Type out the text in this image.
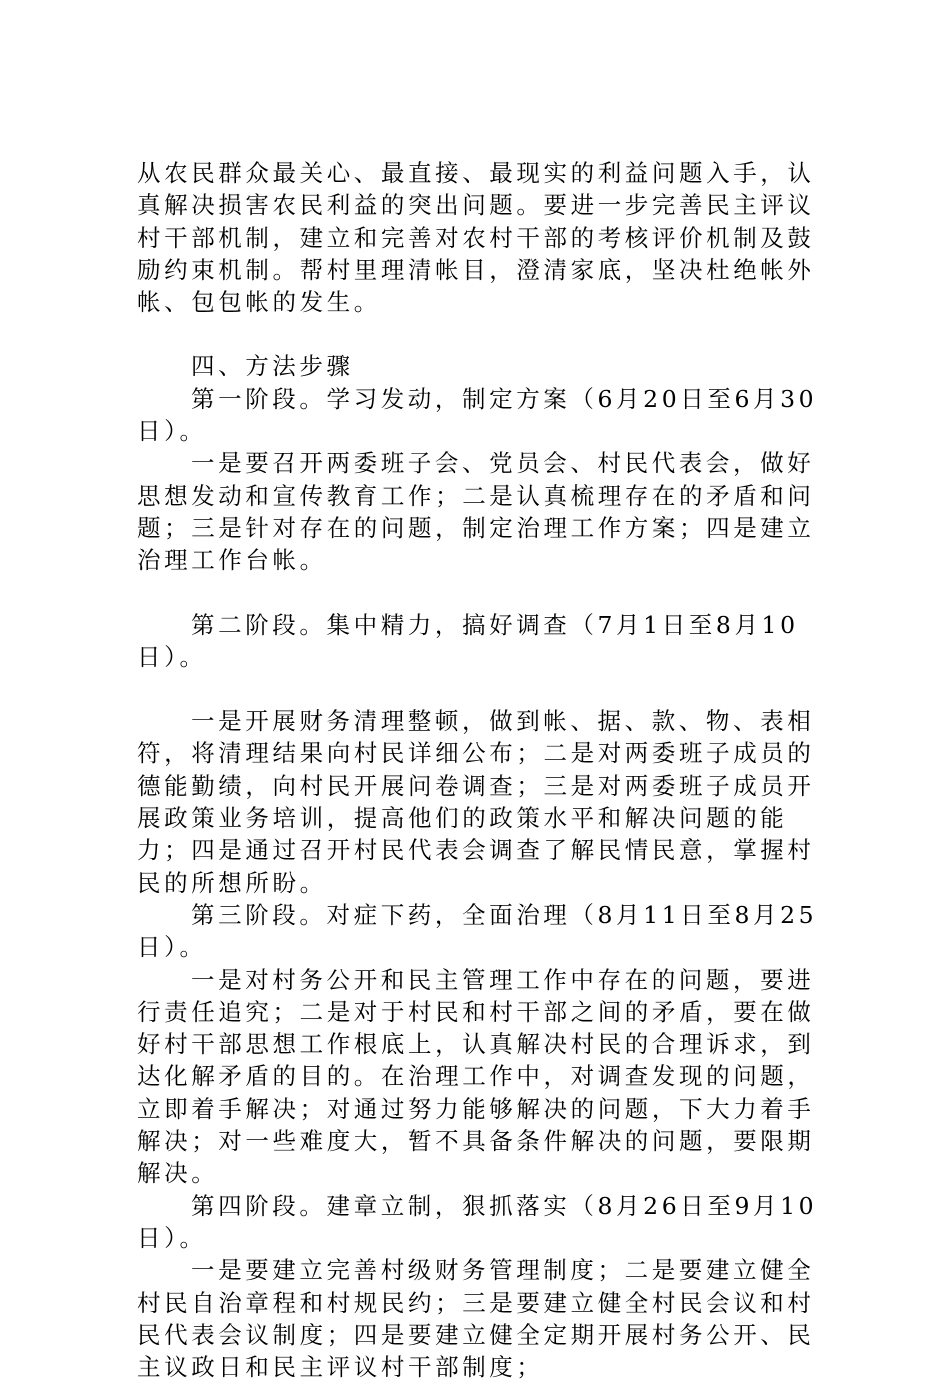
从农民群众最关心、最直接、最现实的利益问题入手，认真解决损害农民利益的突出问题。要进一步完善民主评议村干部机制，建立和完善对农村干部的考核评价机制及鼓励约束机制。帮村里理清帐目，澄清家底，坚决杜绝帐外帐、包包帐的发生。

四、方法步骤

第一阶段。学习发动，制定方案（6月20日至6月30日）。

一是要召开两委班子会、党员会、村民代表会，做好思想发动和宣传教育工作；二是认真梳理存在的矛盾和问题；三是针对存在的问题，制定治理工作方案；四是建立治理工作台帐。

第二阶段。集中精力，搞好调查（7月1日至8月10日）。

一是开展财务清理整顿，做到帐、据、款、物、表相符，将清理结果向村民详细公布；二是对两委班子成员的德能勤绩，向村民开展问卷调查；三是对两委班子成员开展政策业务培训，提高他们的政策水平和解决问题的能力；四是通过召开村民代表会调查了解民情民意，掌握村民的所想所盼。

第三阶段。对症下药，全面治理（8月11日至8月25日）。

一是对村务公开和民主管理工作中存在的问题，要进行责任追究；二是对于村民和村干部之间的矛盾，要在做好村干部思想工作根底上，认真解决村民的合理诉求，到达化解矛盾的目的。在治理工作中，对调查发现的问题，立即着手解决；对通过努力能够解决的问题，下大力着手解决；对一些难度大，暂不具备条件解决的问题，要限期解决。

第四阶段。建章立制，狠抓落实（8月26日至9月10日）。

一是要建立完善村级财务管理制度；二是要建立健全村民自治章程和村规民约；三是要建立健全村民会议和村民代表会议制度；四是要建立健全定期开展村务公开、民主议政日和民主评议村干部制度；
